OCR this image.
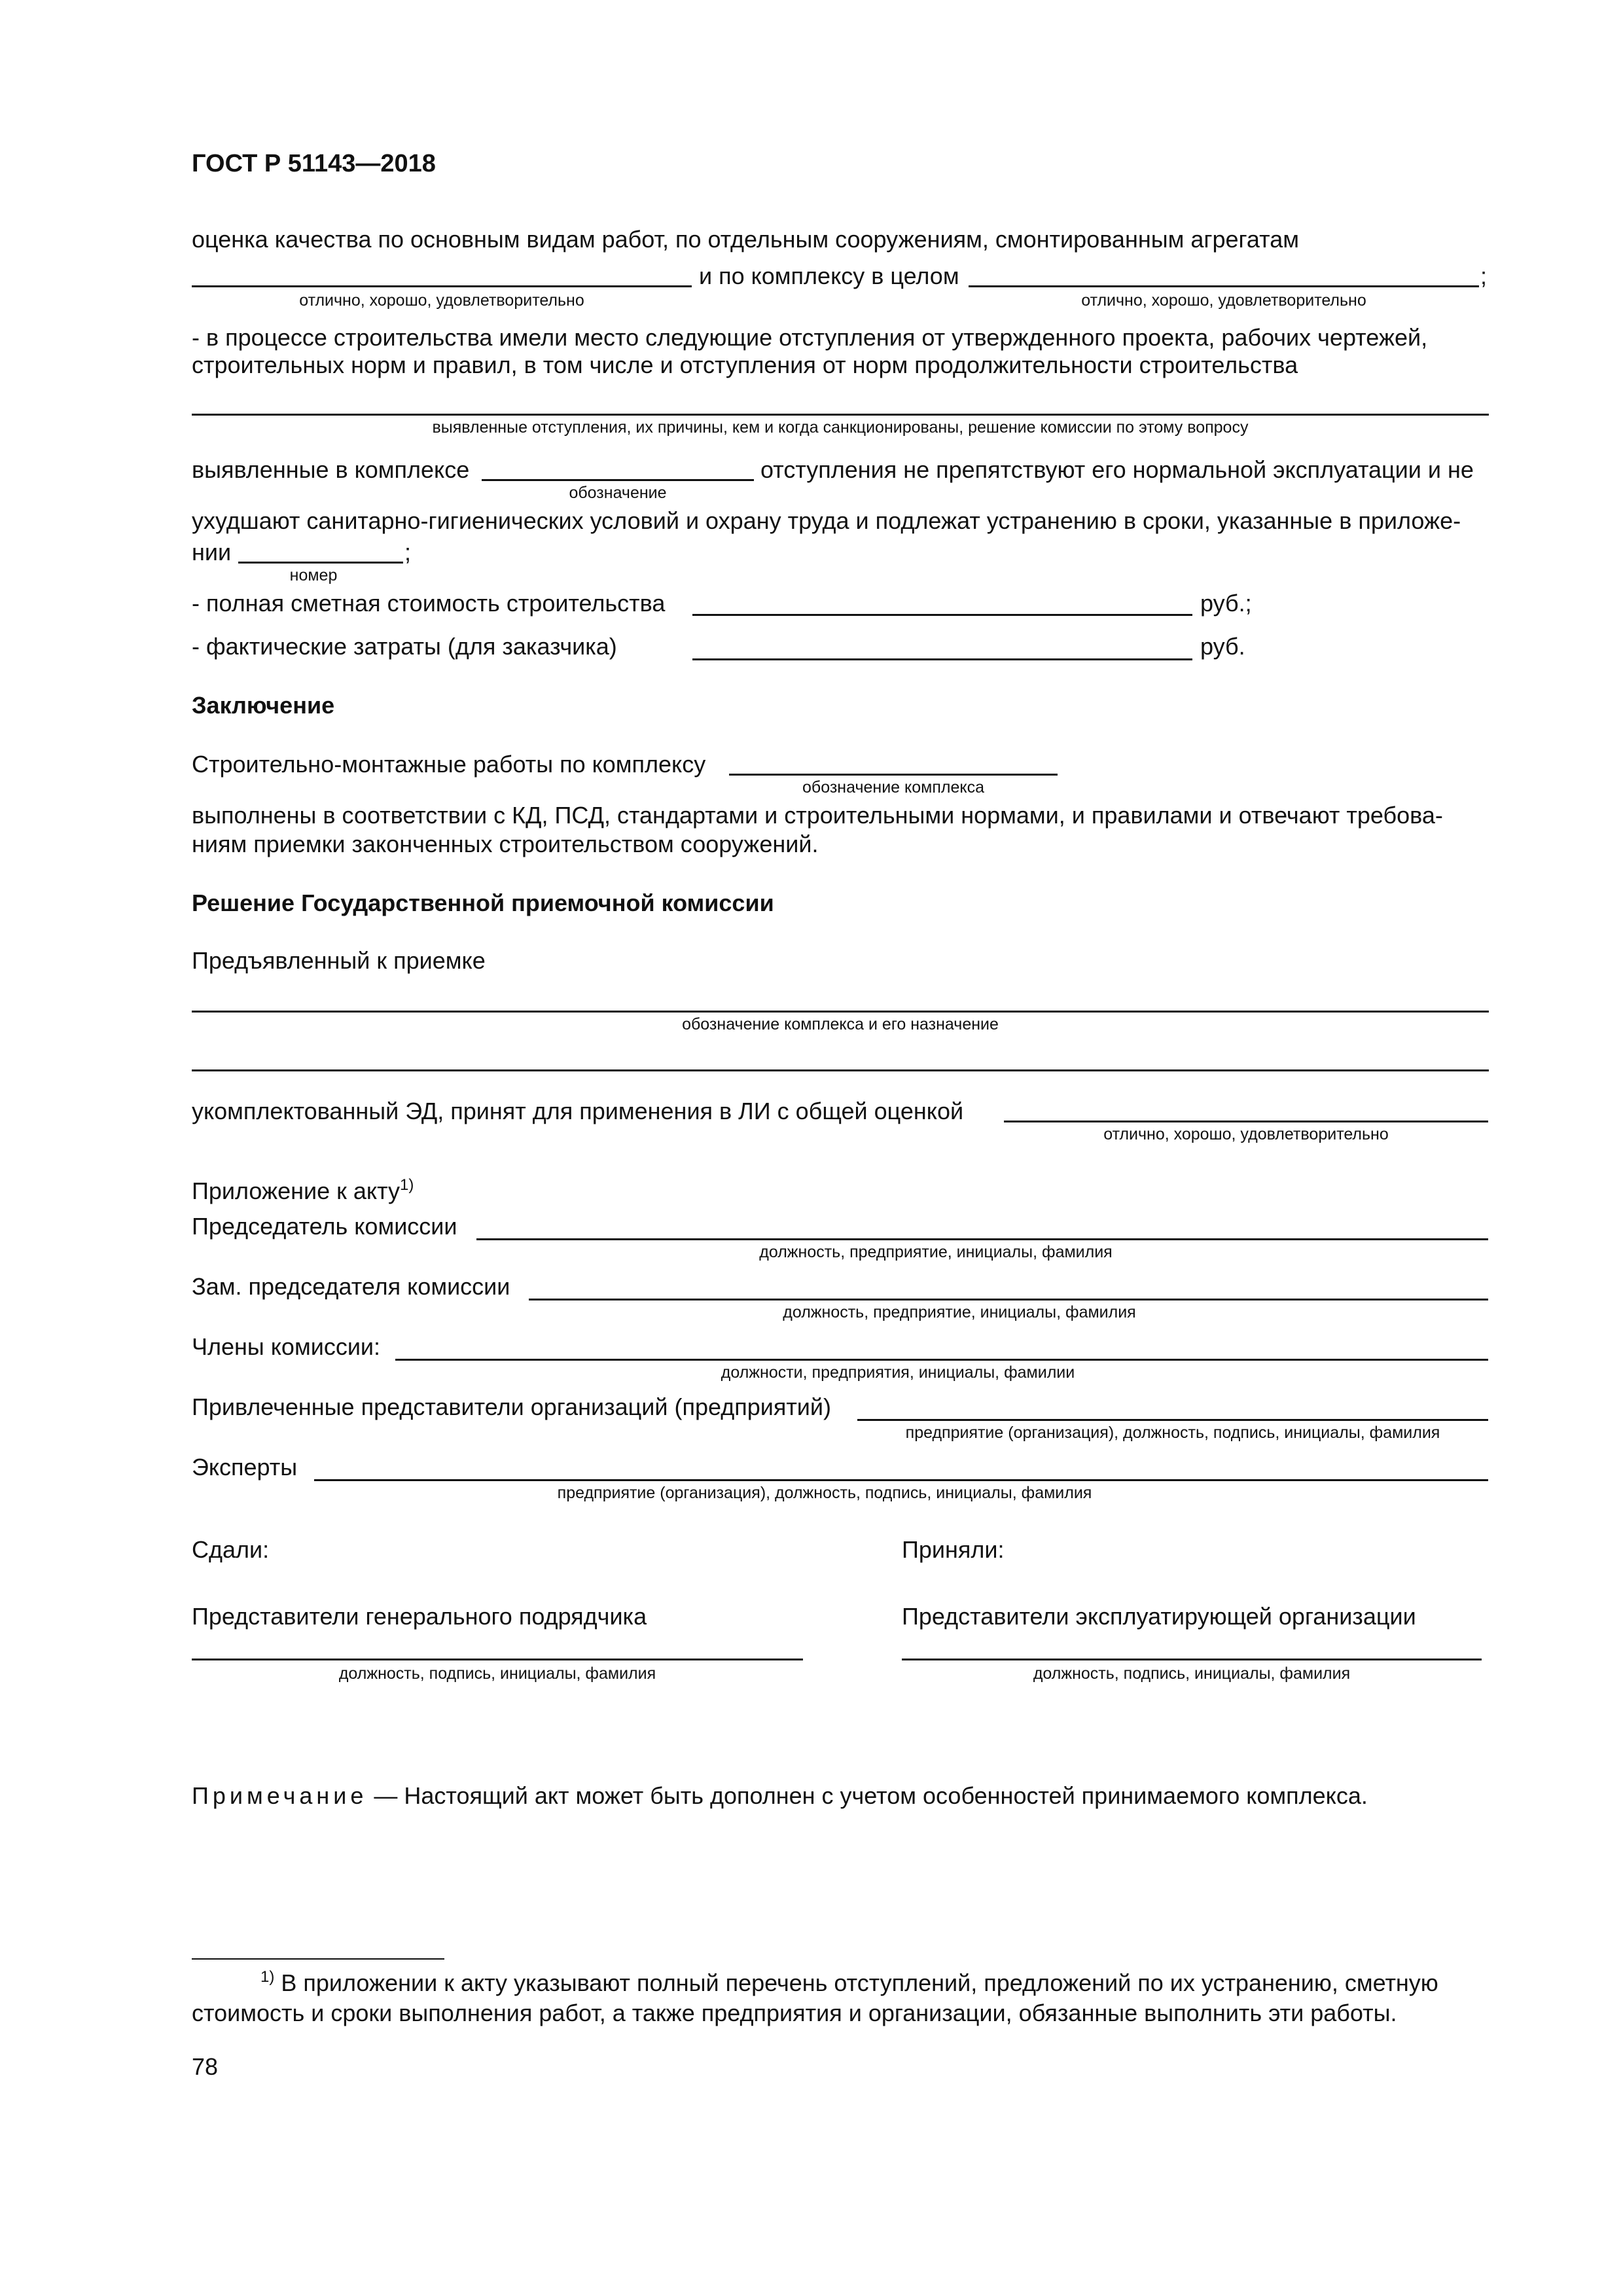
ГОСТ Р 51143—2018
оценка качества по основным видам работ, по отдельным сооружениям, смонтированным агрегатам
и по комплексу в целом	;
отлично, хорошо, удовлетворительно	отлично, хорошо, удовлетворительно
- в процессе строительства имели место следующие отступления от утвержденного проекта, рабочих чертежей,
строительных норм и правил, в том числе и отступления от норм продолжительности строительства
выявленные отступления, их причины, кем и когда санкционированы, решение комиссии по этому вопросу
выявленные в комплексе	отступления не препятствуют его нормальной эксплуатации и не
обозначение
ухудшают санитарно-гигиенических условий и охрану труда и подлежат устранению в сроки, указанные в приложе-
нии	;
номер
- полная сметная стоимость строительства	руб.;
- фактические затраты (для заказчика)	руб.
Заключение
Строительно-монтажные работы по комплексу
обозначение комплекса
выполнены в соответствии с КД, ПСД, стандартами и строительными нормами, и правилами и отвечают требова-
ниям приемки законченных строительством сооружений.
Решение Государственной приемочной комиссии
Предъявленный к приемке
обозначение комплекса и его назначение
укомплектованный ЭД, принят для применения в ЛИ с общей оценкой
отлично, хорошо, удовлетворительно
Приложение к акту$^{1)}$
Председатель комиссии
должность, предприятие, инициалы, фамилия
Зам. председателя комиссии
должность, предприятие, инициалы, фамилия
Члены комиссии:
должности, предприятия, инициалы, фамилии
Привлеченные представители организаций (предприятий)
предприятие (организация), должность, подпись, инициалы, фамилия
Эксперты
предприятие (организация), должность, подпись, инициалы, фамилия
Сдали:	Приняли:
Представители генерального подрядчика	Представители эксплуатирующей организации
должность, подпись, инициалы, фамилия	должность, подпись, инициалы, фамилия
Примечание — Настоящий акт может быть дополнен с учетом особенностей принимаемого комплекса.
$^{1)}$ В приложении к акту указывают полный перечень отступлений, предложений по их устранению, сметную
стоимость и сроки выполнения работ, а также предприятия и организации, обязанные выполнить эти работы.
78
